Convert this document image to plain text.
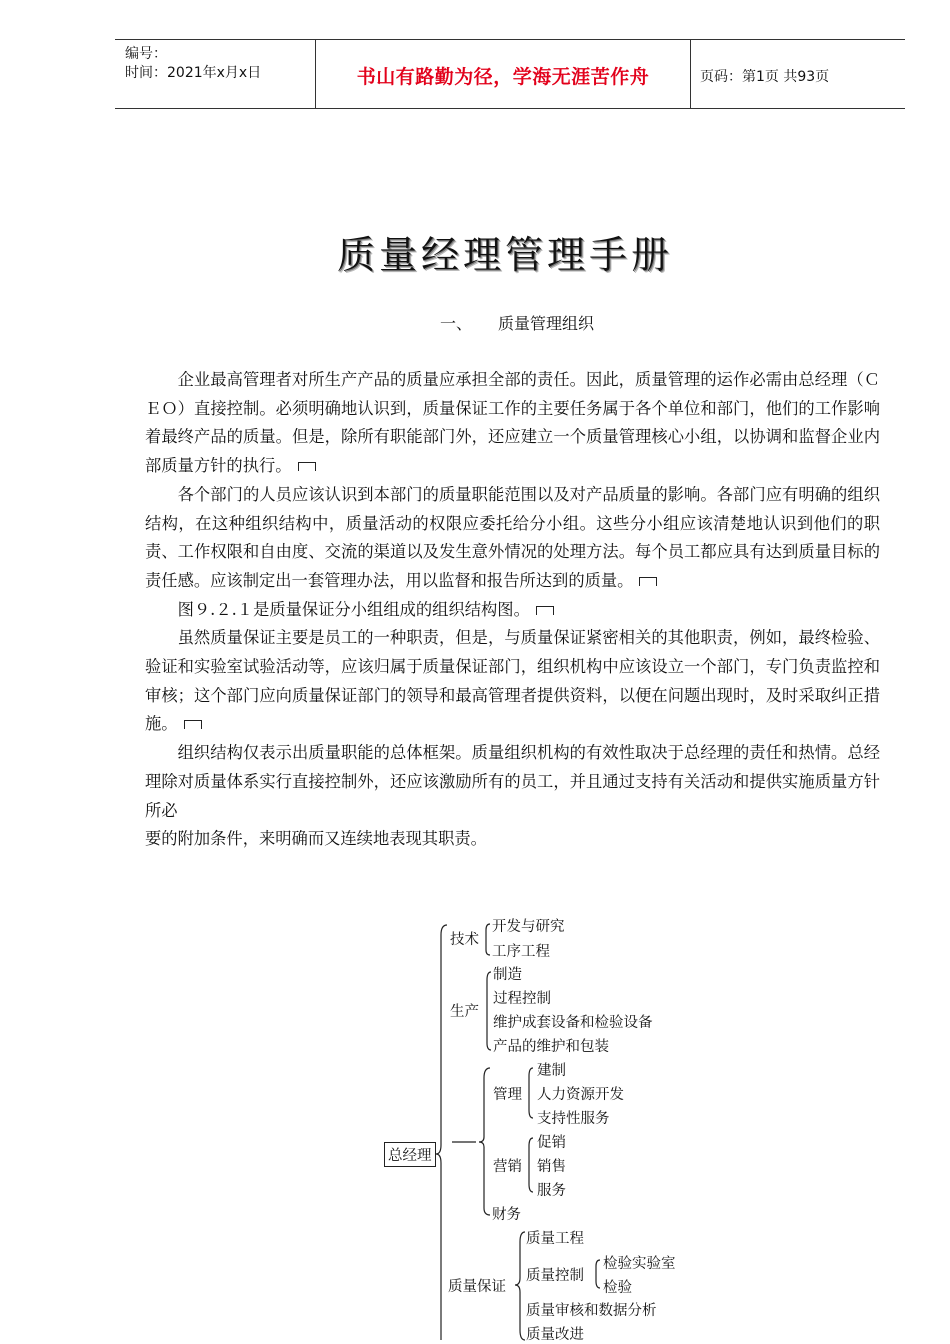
编号：
时间：2021年x月x日	书山有路勤为径，学海无涯苦作舟	页码：第1页 共93页
质量经理管理手册
一、 质量管理组织

企业最高管理者对所生产产品的质量应承担全部的责任。因此，质量管理的运作必需由总经理（ＣＥＯ）直接控制。必须明确地认识到，质量保证工作的主要任务属于各个单位和部门，他们的工作影响着最终产品的质量。但是，除所有职能部门外，还应建立一个质量管理核心小组，以协调和监督企业内部质量方针的执行。

各个部门的人员应该认识到本部门的质量职能范围以及对产品质量的影响。各部门应有明确的组织结构，在这种组织结构中，质量活动的权限应委托给分小组。这些分小组应该清楚地认识到他们的职责、工作权限和自由度、交流的渠道以及发生意外情况的处理方法。每个员工都应具有达到质量目标的责任感。应该制定出一套管理办法，用以监督和报告所达到的质量。

图９.２.１是质量保证分小组组成的组织结构图。

虽然质量保证主要是员工的一种职责，但是，与质量保证紧密相关的其他职责，例如，最终检验、验证和实验室试验活动等，应该归属于质量保证部门，组织机构中应该设立一个部门，专门负责监控和审核；这个部门应向质量保证部门的领导和最高管理者提供资料，以便在问题出现时，及时采取纠正措施。

组织结构仅表示出质量职能的总体框架。质量组织机构的有效性取决于总经理的责任和热情。总经理除对质量体系实行直接控制外，还应该激励所有的员工，并且通过支持有关活动和提供实施质量方针所必

要的附加条件，来明确而又连续地表现其职责。

总经理
技术
开发与研究
工序工程
生产
制造
过程控制
维护成套设备和检验设备
产品的维护和包装
管理
建制
人力资源开发
支持性服务
营销
促销
销售
服务
财务
质量保证
质量工程
质量控制
检验实验室
检验
质量审核和数据分析
质量改进
